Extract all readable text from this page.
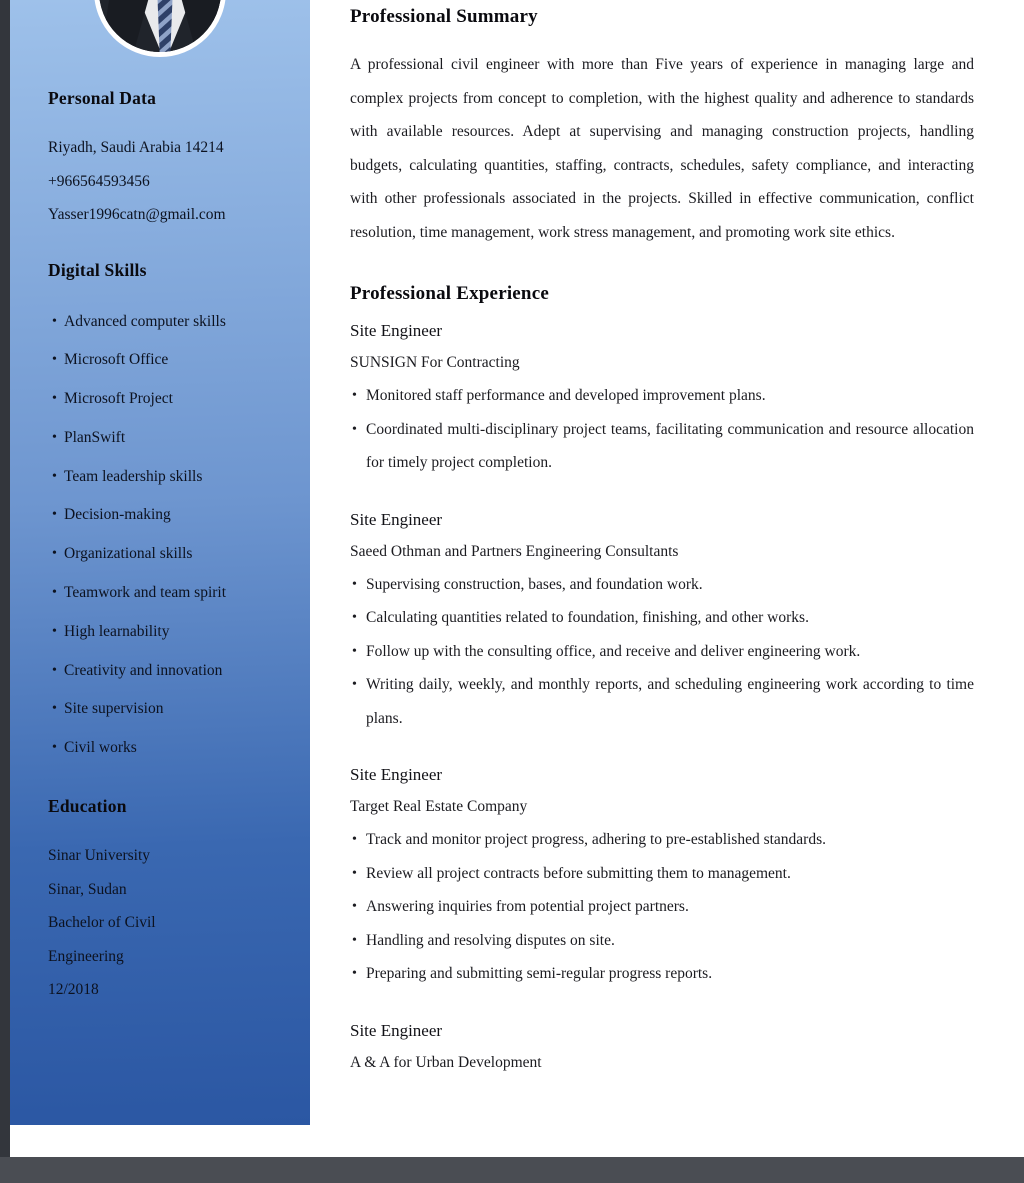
Personal Data

Riyadh, Saudi Arabia 14214

+966564593456

Yasser1996catn@gmail.com

Digital Skills
• Advanced computer skills
• Microsoft Office
• Microsoft Project
• PlanSwift
• Team leadership skills
• Decision-making
• Organizational skills
• Teamwork and team spirit
• High learnability
• Creativity and innovation
• Site supervision
• Civil works
Education

Sinar University

Sinar, Sudan

Bachelor of Civil

Engineering

12/2018

Professional Summary

A professional civil engineer with more than Five years of experience in managing large and complex projects from concept to completion, with the highest quality and adherence to standards with available resources. Adept at supervising and managing construction projects, handling budgets, calculating quantities, staffing, contracts, schedules, safety compliance, and interacting with other professionals associated in the projects. Skilled in effective communication, conflict resolution, time management, work stress management, and promoting work site ethics.

Professional Experience
Site Engineer

SUNSIGN For Contracting

• Monitored staff performance and developed improvement plans.
• Coordinated multi-disciplinary project teams, facilitating communication and resource allocation for timely project completion.
Site Engineer

Saeed Othman and Partners Engineering Consultants

• Supervising construction, bases, and foundation work.
• Calculating quantities related to foundation, finishing, and other works.
• Follow up with the consulting office, and receive and deliver engineering work.
• Writing daily, weekly, and monthly reports, and scheduling engineering work according to time plans.
Site Engineer

Target Real Estate Company

• Track and monitor project progress, adhering to pre-established standards.
• Review all project contracts before submitting them to management.
• Answering inquiries from potential project partners.
• Handling and resolving disputes on site.
• Preparing and submitting semi-regular progress reports.
Site Engineer

A & A for Urban Development
